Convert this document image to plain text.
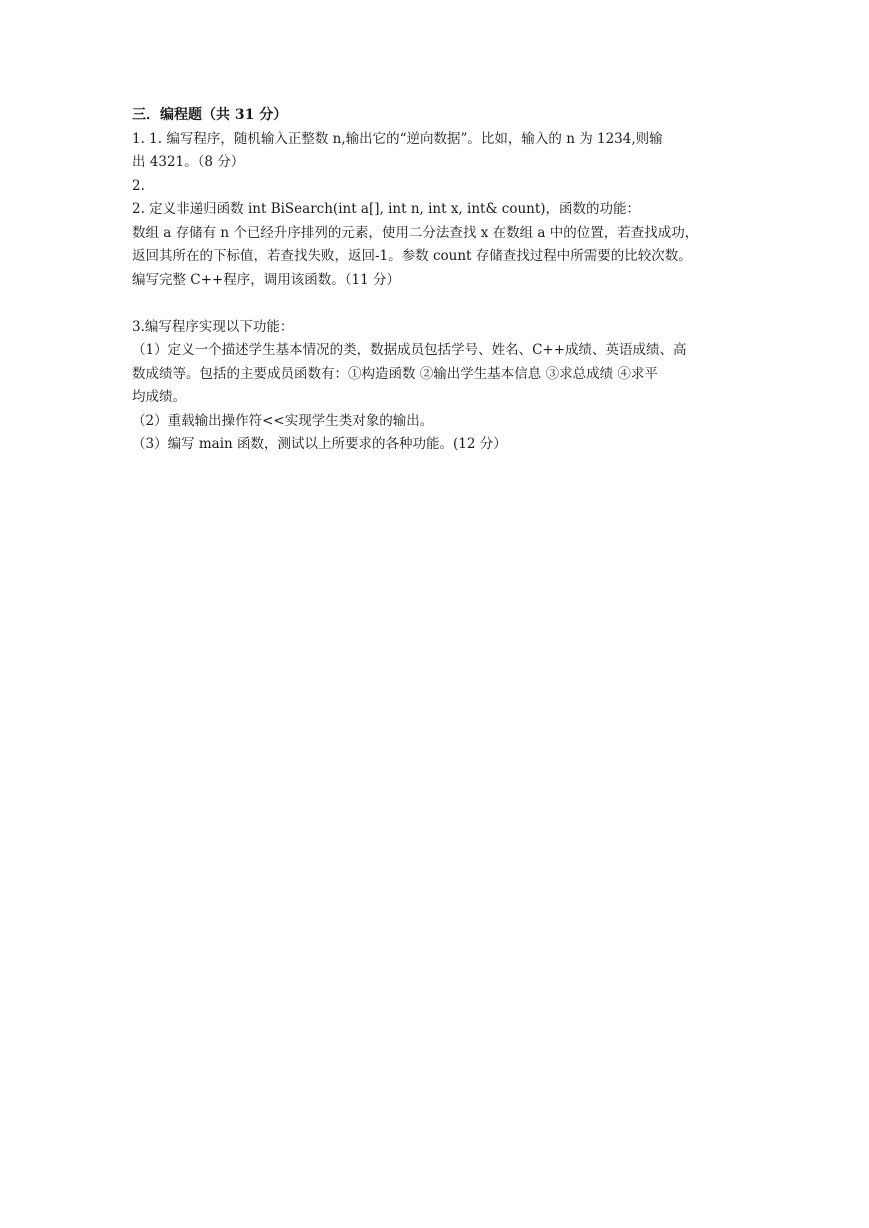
三．编程题（共 31 分）
1. 1. 编写程序，随机输入正整数 n,输出它的“逆向数据”。比如，输入的 n 为 1234,则输
出 4321。（8 分）
2.
2. 定义非递归函数 int BiSearch(int a[], int n, int x, int& count)，函数的功能：
数组 a 存储有 n 个已经升序排列的元素，使用二分法查找 x 在数组 a 中的位置，若查找成功，
返回其所在的下标值，若查找失败，返回-1。参数 count 存储查找过程中所需要的比较次数。
编写完整 C++程序，调用该函数。（11 分）
3.编写程序实现以下功能：
（1）定义一个描述学生基本情况的类，数据成员包括学号、姓名、C++成绩、英语成绩、高
数成绩等。包括的主要成员函数有：①构造函数 ②输出学生基本信息 ③求总成绩 ④求平
均成绩。
（2）重载输出操作符<<实现学生类对象的输出。
（3）编写 main 函数，测试以上所要求的各种功能。(12 分）
